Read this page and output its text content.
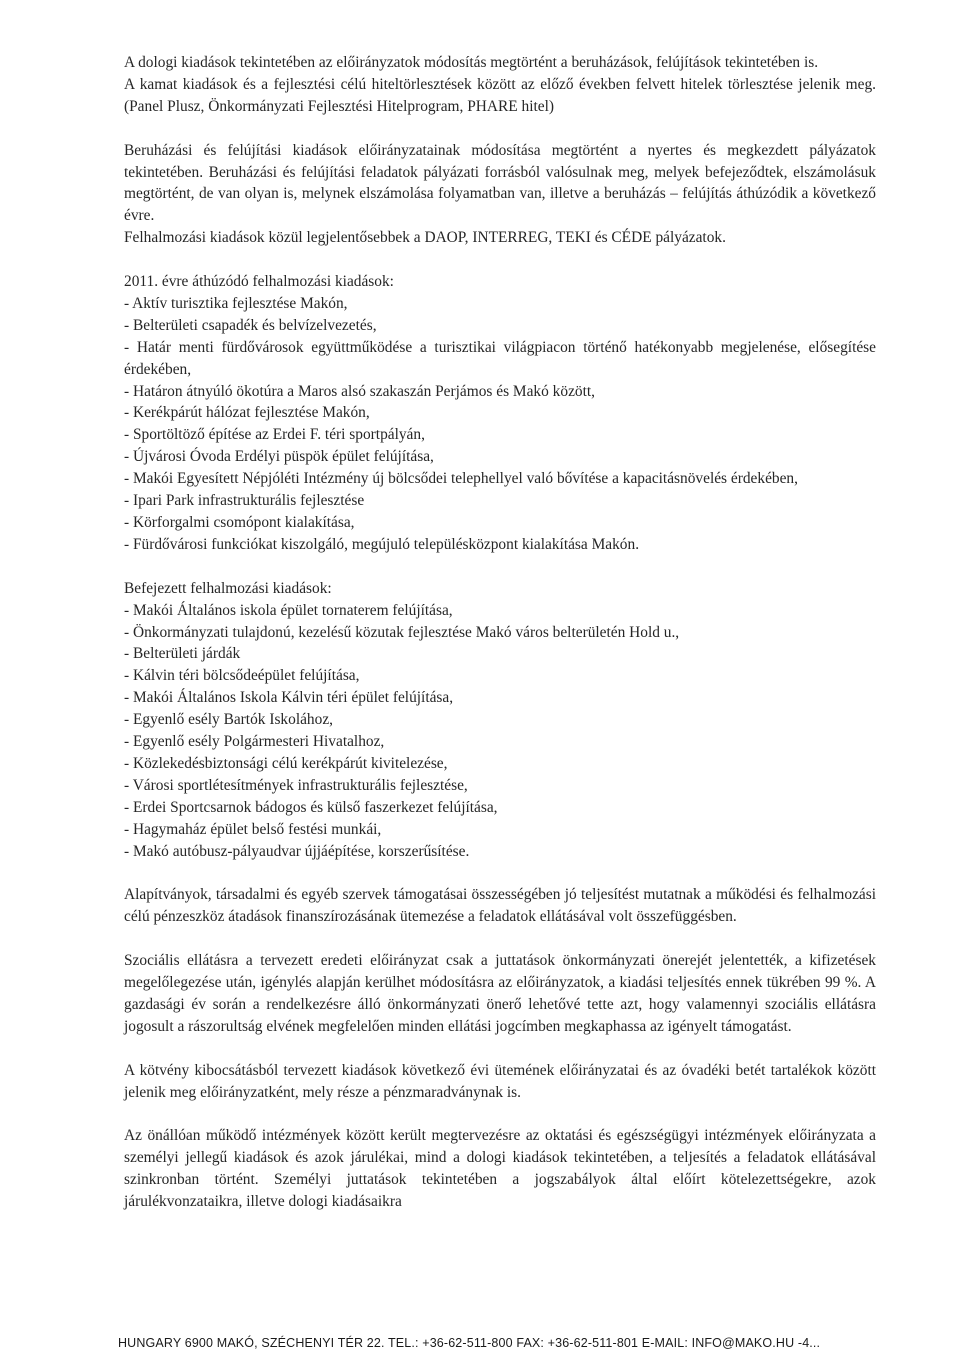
A dologi kiadások tekintetében az előirányzatok módosítás megtörtént a beruházások, felújítások tekintetében is.

A kamat kiadások és a fejlesztési célú hiteltörlesztések között az előző években felvett hitelek törlesztése jelenik meg. (Panel Plusz, Önkormányzati Fejlesztési Hitelprogram, PHARE hitel)

Beruházási és felújítási kiadások előirányzatainak módosítása megtörtént a nyertes és megkezdett pályázatok tekintetében. Beruházási és felújítási feladatok pályázati forrásból valósulnak meg, melyek befejeződtek, elszámolásuk megtörtént, de van olyan is, melynek elszámolása folyamatban van, illetve a beruházás – felújítás áthúzódik a következő évre.

Felhalmozási kiadások közül legjelentősebbek a DAOP, INTERREG, TEKI és CÉDE pályázatok.

2011. évre áthúzódó felhalmozási kiadások:

- Aktív turisztika fejlesztése Makón,

- Belterületi csapadék és belvízelvezetés,

- Határ menti fürdővárosok együttműködése a turisztikai világpiacon történő hatékonyabb megjelenése, elősegítése érdekében,

- Határon átnyúló ökotúra a Maros alsó szakaszán Perjámos és Makó között,

- Kerékpárút hálózat fejlesztése Makón,

- Sportöltöző építése az Erdei F. téri sportpályán,

- Újvárosi Óvoda Erdélyi püspök épület felújítása,

- Makói Egyesített Népjóléti Intézmény új bölcsődei telephellyel való bővítése a kapacitásnövelés érdekében,

- Ipari Park infrastrukturális fejlesztése

- Körforgalmi csomópont kialakítása,

- Fürdővárosi funkciókat kiszolgáló, megújuló településközpont kialakítása Makón.

Befejezett felhalmozási kiadások:

- Makói Általános iskola épület tornaterem felújítása,

- Önkormányzati tulajdonú, kezelésű közutak fejlesztése Makó város belterületén Hold u.,

- Belterületi járdák

- Kálvin téri bölcsődeépület felújítása,

- Makói Általános Iskola Kálvin téri épület felújítása,

- Egyenlő esély Bartók Iskolához,

- Egyenlő esély Polgármesteri Hivatalhoz,

- Közlekedésbiztonsági célú kerékpárút kivitelezése,

- Városi sportlétesítmények infrastrukturális fejlesztése,

- Erdei Sportcsarnok bádogos és külső faszerkezet felújítása,

- Hagymaház épület belső festési munkái,

- Makó autóbusz-pályaudvar újjáépítése, korszerűsítése.

Alapítványok, társadalmi és egyéb szervek támogatásai összességében jó teljesítést mutatnak a működési és felhalmozási célú pénzeszköz átadások finanszírozásának ütemezése a feladatok ellátásával volt összefüggésben.

Szociális ellátásra a tervezett eredeti előirányzat csak a juttatások önkormányzati önerejét jelentették, a kifizetések megelőlegezése után, igénylés alapján kerülhet módosításra az előirányzatok, a kiadási teljesítés ennek tükrében 99 %. A gazdasági év során a rendelkezésre álló önkormányzati önerő lehetővé tette azt, hogy valamennyi szociális ellátásra jogosult a rászorultság elvének megfelelően minden ellátási jogcímben megkaphassa az igényelt támogatást.

A kötvény kibocsátásból tervezett kiadások következő évi ütemének előirányzatai és az óvadéki betét tartalékok között jelenik meg előirányzatként, mely része a pénzmaradványnak is.

Az önállóan működő intézmények között került megtervezésre az oktatási és egészségügyi intézmények előirányzata a személyi jellegű kiadások és azok járulékai, mind a dologi kiadások tekintetében, a teljesítés a feladatok ellátásával szinkronban történt. Személyi juttatások tekintetében a jogszabályok által előírt kötelezettségekre, azok járulékvonzataikra, illetve dologi kiadásaikra

HUNGARY 6900 MAKÓ, SZÉCHENYI TÉR 22. TEL.: +36-62-511-800 FAX: +36-62-511-801 E-MAIL: INFO@MAKO.HU -4...
